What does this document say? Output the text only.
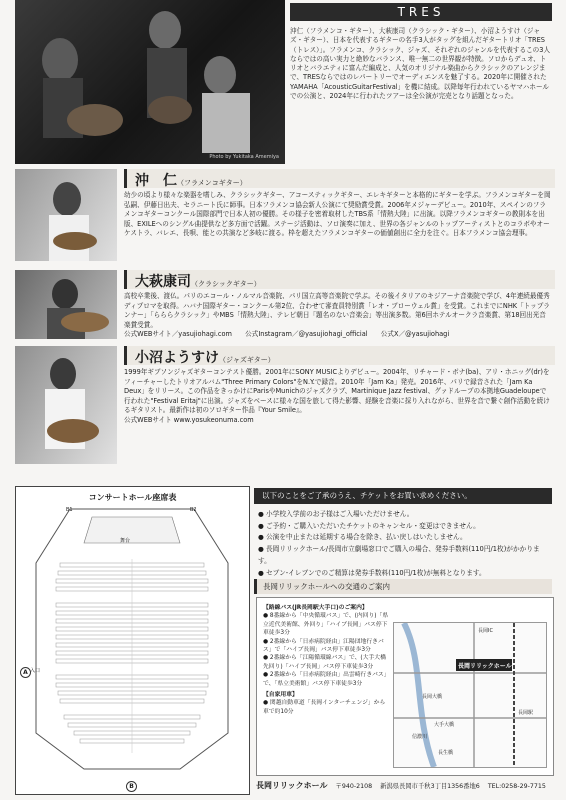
Photo by Yukitaka Amemiya
TRES
沖仁（フラメンコ・ギター）、大萩康司（クラシック・ギター）、小沼ようすけ（ジャズ・ギター）、日本を代表するギターの名手3人がタッグを組んだギタートリオ「TRES（トレス）」。フラメンコ、クラシック、ジャズ、それぞれのジャンルを代表するこの3人ならではの高い実力と絶妙なバランス、唯一無二の世界観が特徴。ソロからデュオ、トリオとバラエティに富んだ編成と、人気のオリジナル楽曲からクラシックのアレンジまで、TRESならではのレパートリーでオーディエンスを魅了する。2020年に開催されたYAMAHA「AcousticGuitarFestival」を機に結成。以降毎年行われているヤマハホールでの公演と、2024年に行われたツアーは全公演が完売となり話題となった。
沖　仁（フラメンコギター）
幼少の頃より様々な楽器を嗜しみ、クラシックギター、アコースティックギター、エレキギターと本格的にギターを学ぶ。フラメンコギターを岡弘嗣、伊藤日出夫、セラニート氏に師事。日本フラメンコ協会新人公演にて奨励賞受賞。2006年メジャーデビュー。2010年、スペインのフラメンコギターコンクール国際部門で日本人初の優勝。その様子を密着取材したTBS系「情熱大陸」に出演。以降フラメンコギターの教則本を出版、EXILEへのシングル曲提供など多方面で活躍。ステージ活動は、ソロ演奏に加え、世界の各ジャンルのトップアーティストとのコラボやオーケストラ、バレエ、長唄、能との共演など多岐に渡る。枠を超えたフラメンコギターの価値創出に全力を注ぐ。日本フラメンコ協会理事。
大萩康司（クラシックギター）
高校卒業後、渡仏。パリのエコール・ノルマル音楽院、パリ国立高等音楽院で学ぶ。その後イタリアのキジアーナ音楽院で学び、4年連続最優秀ディプロマを取得。ハバナ国際ギター・コンクール第2位、合わせて審査員特別賞「レオ・ブローウェル賞」を受賞。これまでにNHK「トップランナー」「らららクラシック」やMBS「情熱大陸」、テレビ朝日「題名のない音楽会」等出演多数。第6回ホテルオークラ音楽賞、第18回出光音楽賞受賞。
公式WEBサイト／yasujiohagi.com　　公式Instagram／@yasujiohagi_official　　公式X／@yasujiohagi
小沼ようすけ（ジャズギター）
1999年ギブソンジャズギターコンテスト優勝。2001年にSONY MUSICよりデビュー。2004年、リチャード・ボナ(ba)、アリ・ホニッグ(dr)をフィーチャーしたトリオアルバム"Three Primary Colors"をN.Y.で録音。2010年「Jam Ka」発売。2016年、パリで録音された「Jam Ka Deux」をリリース。この作品をきっかけにParisやMunichのジャズクラブ、Martinique Jazz festival、グァドループの本拠地Guadeloupeで行われた"Festival Eritaj"に出演。ジャズをベースに様々な国を旅して得た影響、経験を音楽に採り入れながら、世界を音で繋ぐ創作活動を続けるギタリスト。最新作は初のソロギター作品『Your Smile』。
公式WEBサイト www.yosukeonuma.com
コンサートホール座席表
舞台
B1	B2
A 入口
B
以下のことをご了承のうえ、チケットをお買い求めください。
● 小学校入学前のお子様はご入場いただけません。
● ご予約・ご購入いただいたチケットのキャンセル・変更はできません。
● 公演を中止または延期する場合を除き、払い戻しはいたしません。
● 長岡リリックホール/長岡市立劇場窓口でご購入の場合、発券手数料(110円/1枚)がかかります。
● セブン-イレブンでのご精算は発券手数料(110円/1枚)が無料となります。
長岡リリックホールへの交通のご案内
【路線バス(JR長岡駅大手口)のご案内】
● 8番線から「中央循環バス」で、(内回り)「県立近代美術館、外回り」「ハイブ長岡」バス停下車徒歩3分
● 2番線から「日赤病院経由」江陽団地行きバス」で「ハイブ長岡」バス停下車徒歩3分
● 2番線から「江陽循環線バス」で、(大手大橋先回り)「ハイブ長岡」バス停下車徒歩3分
● 2番線から「日赤病院経由」出雲崎行きバス」で、「県立美術館」バス停下車徒歩3分
【自家用車】
● 関越自動車道「長岡インターチェンジ」から車で約10分
長岡リリックホール
長岡IC
長岡駅
信濃川
長岡大橋
大手大橋
長生橋
長岡リリックホール 〒940-2108 新潟県長岡市千秋3丁目1356番地6 TEL:0258-29-7715
